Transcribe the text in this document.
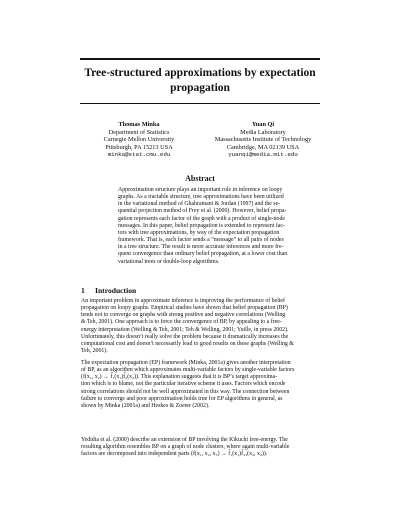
Tree-structured approximations by expectation
propagation
Thomas Minka
Department of Statistics
Carnegie Mellon University
Pittsburgh, PA 15213 USA
minka@stat.cmu.edu
Yuan Qi
Media Laboratory
Massachusetts Institute of Technology
Cambridge, MA 02139 USA
yuanqi@media.mit.edu
Abstract
Approximation structure plays an important role in inference on loopy
graphs. As a tractable structure, tree approximations have been utilized
in the variational method of Ghahramani & Jordan (1997) and the se-
quential projection method of Frey et al. (2000). However, belief propa-
gation represents each factor of the graph with a product of single-node
messages. In this paper, belief propagation is extended to represent fac-
tors with tree approximations, by way of the expectation propagation
framework. That is, each factor sends a “message” to all pairs of nodes
in a tree structure. The result is more accurate inferences and more fre-
quent convergence than ordinary belief propagation, at a lower cost than
variational trees or double-loop algorithms.
1 Introduction
An important problem in approximate inference is improving the performance of belief
propagation on loopy graphs. Empirical studies have shown that belief propagation (BP)
tends not to converge on graphs with strong positive and negative correlations (Welling
& Teh, 2001). One approach is to force the convergence of BP, by appealing to a free-
energy interpretation (Welling & Teh, 2001; Teh & Welling, 2001; Yuille, in press 2002).
Unfortunately, this doesn’t really solve the problem because it dramatically increases the
computational cost and doesn’t necessarily lead to good results on these graphs (Welling &
Teh, 2001).
The expectation propagation (EP) framework (Minka, 2001a) gives another interpretation
of BP, as an algorithm which approximates multi-variable factors by single-variable factors
(f(x₁, x₂) → f̃₁(x₁)f̃₂(x₂)). This explanation suggests that it is BP’s target approxima-
tion which is to blame, not the particular iterative scheme it uses. Factors which encode
strong correlations should not be well approximated in this way. The connection between
failure to converge and poor approximation holds true for EP algorithms in general, as
shown by Minka (2001a) and Heskes & Zoeter (2002).
Yedidia et al. (2000) describe an extension of BP involving the Kikuchi free-energy. The
resulting algorithm resembles BP on a graph of node clusters, where again multi-variable
factors are decomposed into independent parts (f(x₁, x₂, x₃) → f̃₁(x₁)f̃₂₃(x₂, x₃)).
